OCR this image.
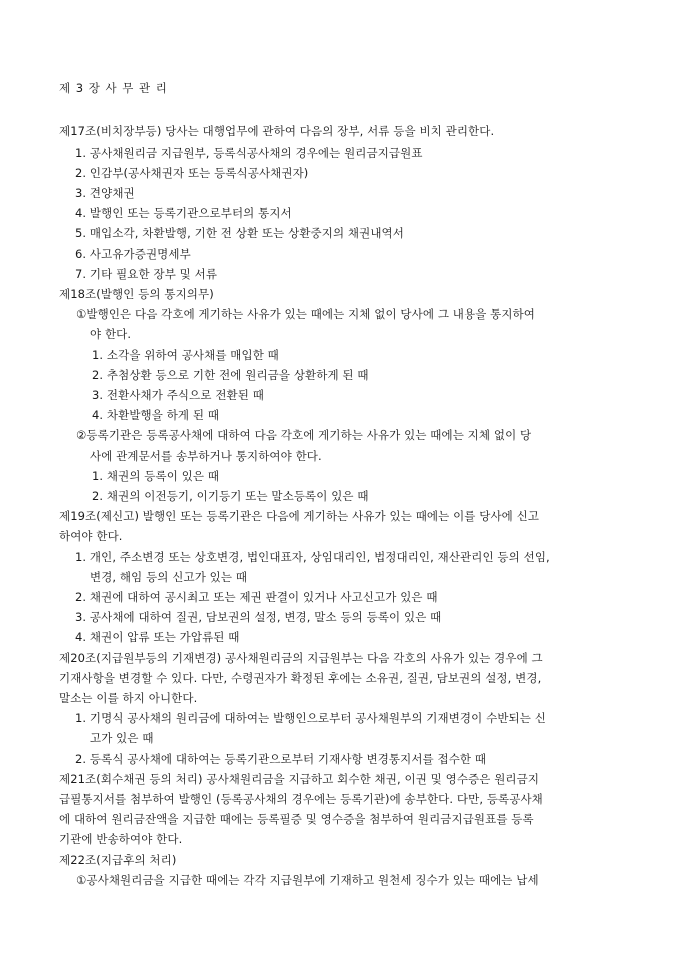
제 3 장 사 무 관 리
제17조(비치장부등) 당사는 대행업무에 관하여 다음의 장부, 서류 등을 비치 관리한다.
1. 공사채원리금 지급원부, 등록식공사채의 경우에는 원리금지급원표
2. 인감부(공사채권자 또는 등록식공사채권자)
3. 견양채권
4. 발행인 또는 등록기관으로부터의 통지서
5. 매입소각, 차환발행, 기한 전 상환 또는 상환중지의 채권내역서
6. 사고유가증권명세부
7. 기타 필요한 장부 및 서류
제18조(발행인 등의 통지의무)
①발행인은 다음 각호에 게기하는 사유가 있는 때에는 지체 없이 당사에 그 내용을 통지하여
야 한다.
1. 소각을 위하여 공사채를 매입한 때
2. 추첨상환 등으로 기한 전에 원리금을 상환하게 된 때
3. 전환사채가 주식으로 전환된 때
4. 차환발행을 하게 된 때
②등록기관은 등록공사채에 대하여 다음 각호에 게기하는 사유가 있는 때에는 지체 없이 당
사에 관계문서를 송부하거나 통지하여야 한다.
1. 채권의 등록이 있은 때
2. 채권의 이전등기, 이기등기 또는 말소등록이 있은 때
제19조(제신고) 발행인 또는 등록기관은 다음에 게기하는 사유가 있는 때에는 이를 당사에 신고
하여야 한다.
1. 개인, 주소변경 또는 상호변경, 법인대표자, 상임대리인, 법정대리인, 재산관리인 등의 선임,
변경, 해임 등의 신고가 있는 때
2. 채권에 대하여 공시최고 또는 제권 판결이 있거나 사고신고가 있은 때
3. 공사채에 대하여 질권, 담보권의 설정, 변경, 말소 등의 등록이 있은 때
4. 채권이 압류 또는 가압류된 때
제20조(지급원부등의 기재변경) 공사채원리금의 지급원부는 다음 각호의 사유가 있는 경우에 그
기재사항을 변경할 수 있다. 다만, 수령권자가 확정된 후에는 소유권, 질권, 담보권의 설정, 변경,
말소는 이를 하지 아니한다.
1. 기명식 공사채의 원리금에 대하여는 발행인으로부터 공사채원부의 기재변경이 수반되는 신
고가 있은 때
2. 등록식 공사채에 대하여는 등록기관으로부터 기재사항 변경통지서를 접수한 때
제21조(회수채권 등의 처리) 공사채원리금을 지급하고 회수한 채권, 이권 및 영수증은 원리금지
급필통지서를 첨부하여 발행인 (등록공사채의 경우에는 등록기관)에 송부한다. 다만, 등록공사채
에 대하여 원리금잔액을 지급한 때에는 등록필증 및 영수증을 첨부하여 원리금지급원표를 등록
기관에 반송하여야 한다.
제22조(지급후의 처리)
①공사채원리금을 지급한 때에는 각각 지급원부에 기재하고 원천세 징수가 있는 때에는 납세
